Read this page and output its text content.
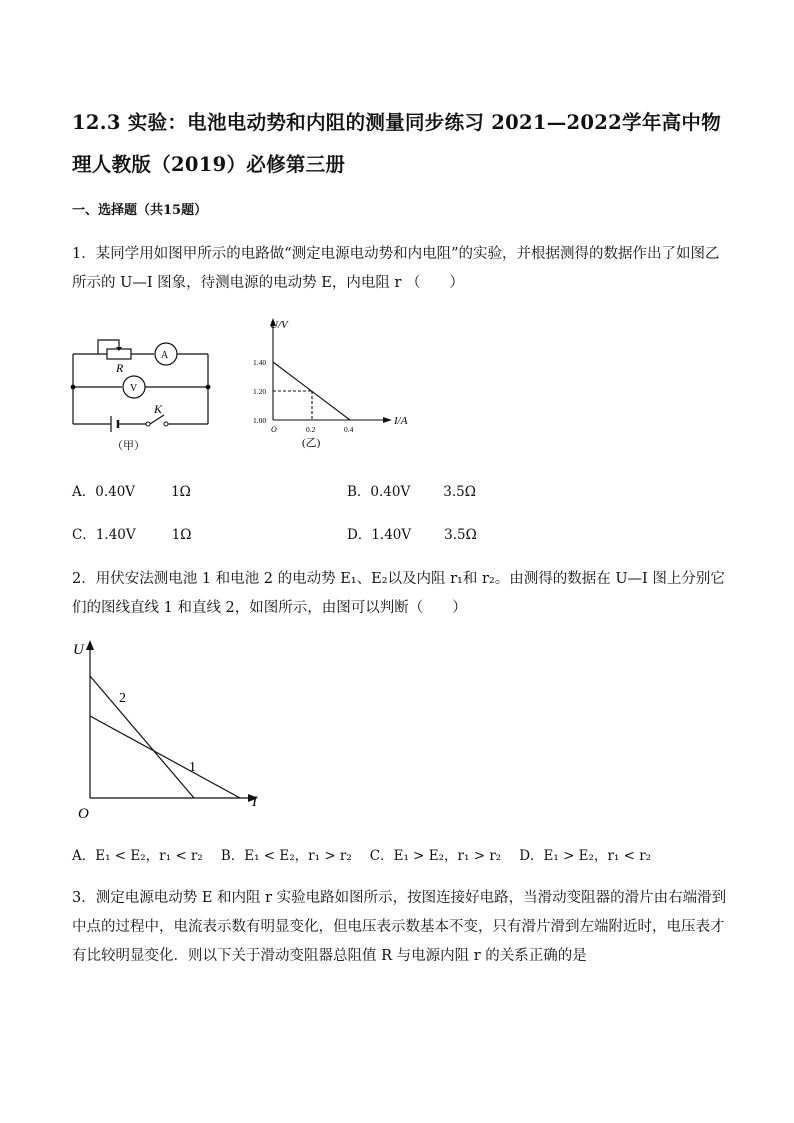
12.3 实验：电池电动势和内阻的测量同步练习 2021—2022学年高中物理人教版（2019）必修第三册
一、选择题（共15题）
1．某同学用如图甲所示的电路做“测定电源电动势和内电阻”的实验，并根据测得的数据作出了如图乙所示的 U—I 图象，待测电源的电动势 E，内电阻 r （　　）
R
A
V
K
（甲）
U/V
I/A
1.40
1.20
1.00
O	0.2	0.4
(乙)
A．0.40V	1Ω	B．0.40V 3.5Ω
C．1.40V	1Ω	D．1.40V 3.5Ω
2．用伏安法测电池 1 和电池 2 的电动势 E₁、E₂以及内阻 r₁和 r₂。由测得的数据在 U—I 图上分别它们的图线直线 1 和直线 2，如图所示，由图可以判断（　　）
U
I
O
2
1
A．E₁ < E₂，r₁ < r₂ B．E₁ < E₂，r₁ > r₂ C．E₁ > E₂，r₁ > r₂ D．E₁ > E₂，r₁ < r₂
3．测定电源电动势 E 和内阻 r 实验电路如图所示，按图连接好电路，当滑动变阻器的滑片由右端滑到中点的过程中，电流表示数有明显变化，但电压表示数基本不变，只有滑片滑到左端附近时，电压表才有比较明显变化．则以下关于滑动变阻器总阻值 R 与电源内阻 r 的关系正确的是
